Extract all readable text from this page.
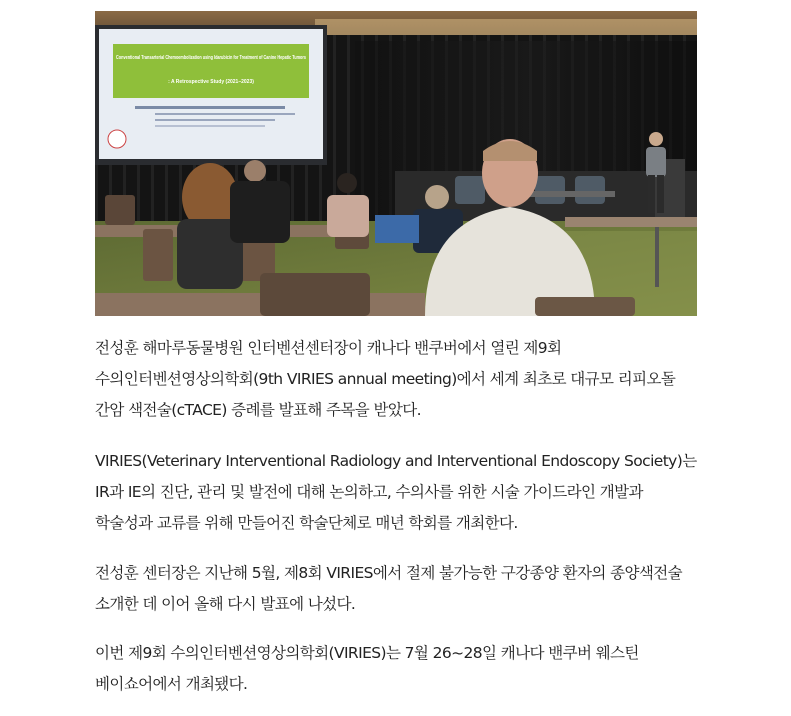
Conventional Transarterial Chemoembolization using Idarubicin for Treatment of Canine Hepatic Tumors
: A Retrospective Study (2021–2023)

전성훈 해마루동물병원 인터벤션센터장이 캐나다 밴쿠버에서 열린 제9회
수의인터벤션영상의학회(9th VIRIES annual meeting)에서 세계 최초로 대규모 리피오돌
간암 색전술(cTACE) 증례를 발표해 주목을 받았다.

VIRIES(Veterinary Interventional Radiology and Interventional Endoscopy Society)는
IR과 IE의 진단, 관리 및 발전에 대해 논의하고, 수의사를 위한 시술 가이드라인 개발과
학술성과 교류를 위해 만들어진 학술단체로 매년 학회를 개최한다.

전성훈 센터장은 지난해 5월, 제8회 VIRIES에서 절제 불가능한 구강종양 환자의 종양색전술
소개한 데 이어 올해 다시 발표에 나섰다.

이번 제9회 수의인터벤션영상의학회(VIRIES)는 7월 26~28일 캐나다 밴쿠버 웨스틴
베이쇼어에서 개최됐다.
